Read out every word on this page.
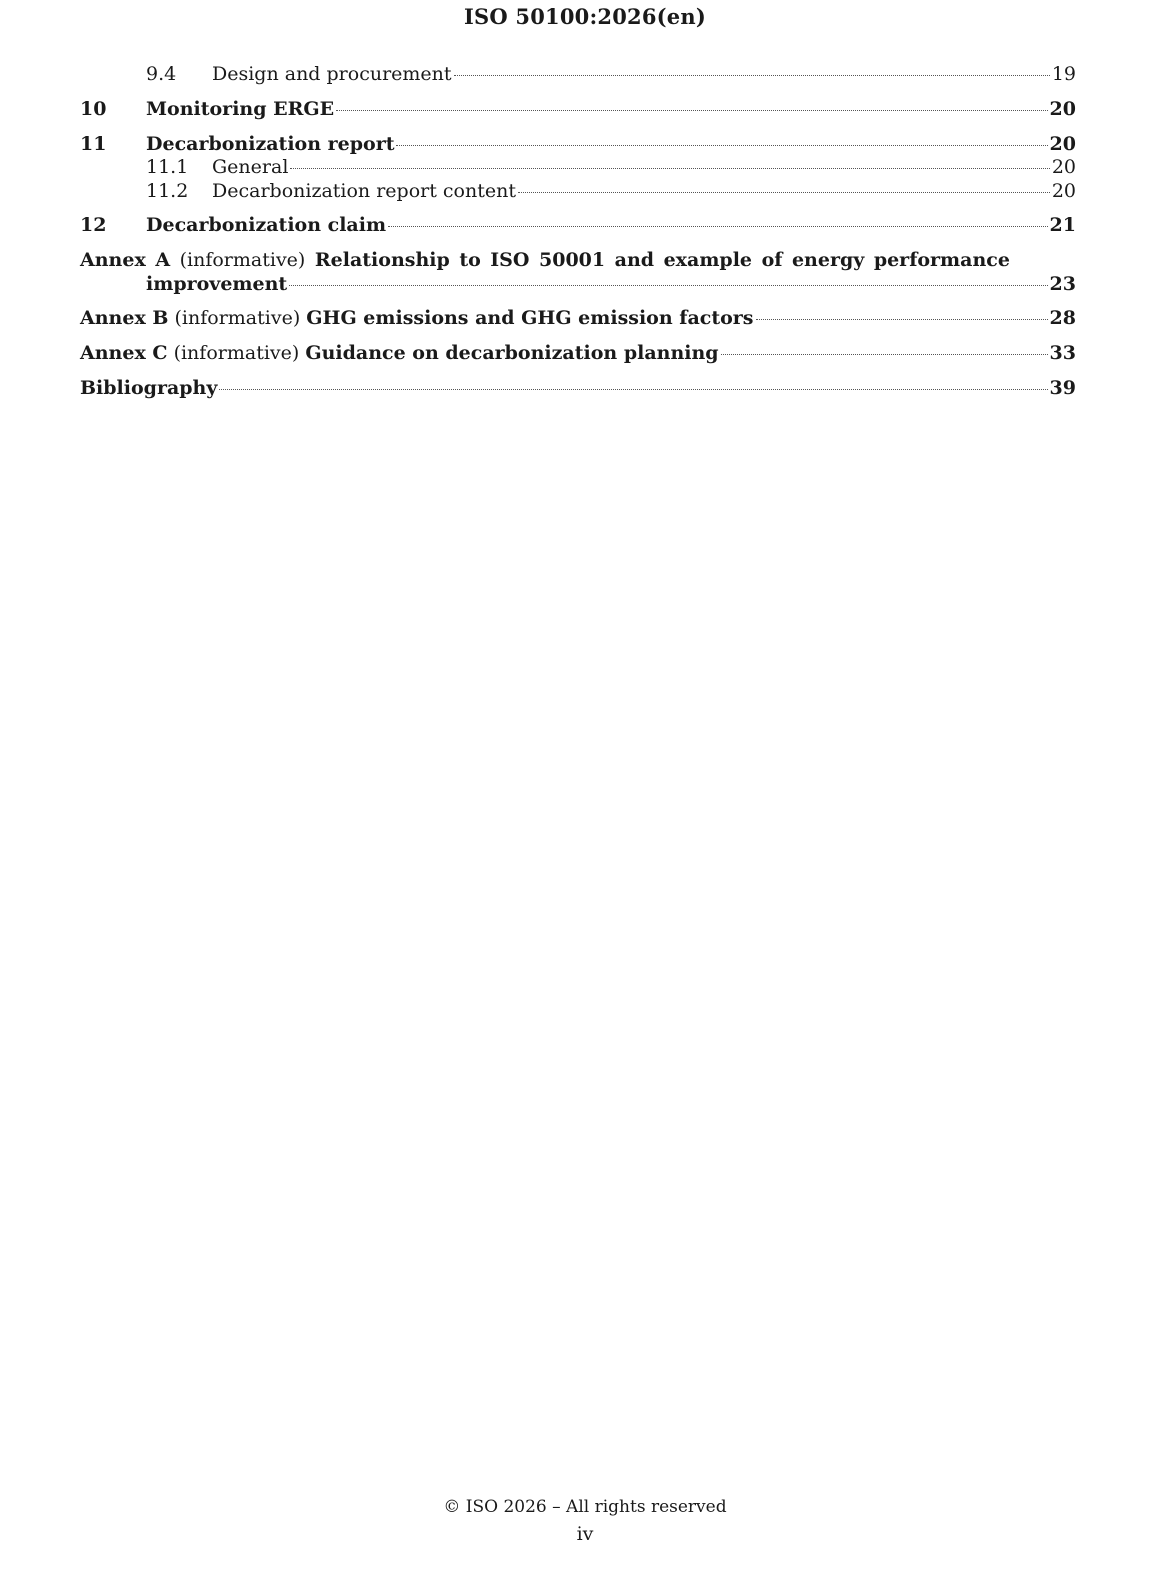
ISO 50100:2026(en)
9.4 Design and procurement	19
10 Monitoring ERGE	20
11 Decarbonization report	20
11.1 General	20
11.2 Decarbonization report content	20
12 Decarbonization claim	21
Annex A (informative) Relationship to ISO 50001 and example of energy performance
improvement	23
Annex B (informative) GHG emissions and GHG emission factors	28
Annex C (informative) Guidance on decarbonization planning	33
Bibliography	39
© ISO 2026 – All rights reserved
iv
